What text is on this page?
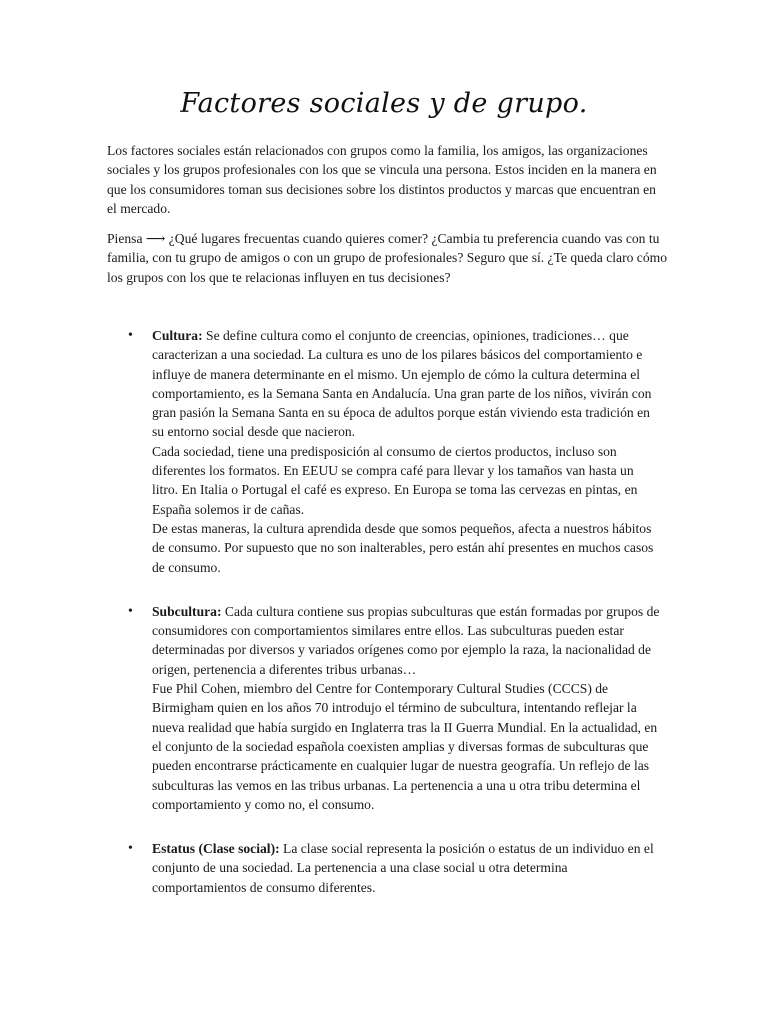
Factores sociales y de grupo.

Los factores sociales están relacionados con grupos como la familia, los amigos, las organizaciones sociales y los grupos profesionales con los que se vincula una persona. Estos inciden en la manera en que los consumidores toman sus decisiones sobre los distintos productos y marcas que encuentran en el mercado.

Piensa ⟶ ¿Qué lugares frecuentas cuando quieres comer? ¿Cambia tu preferencia cuando vas con tu familia, con tu grupo de amigos o con un grupo de profesionales? Seguro que sí. ¿Te queda claro cómo los grupos con los que te relacionas influyen en tus decisiones?

• Cultura: Se define cultura como el conjunto de creencias, opiniones, tradiciones… que caracterizan a una sociedad. La cultura es uno de los pilares básicos del comportamiento e influye de manera determinante en el mismo. Un ejemplo de cómo la cultura determina el comportamiento, es la Semana Santa en Andalucía. Una gran parte de los niños, vivirán con gran pasión la Semana Santa en su época de adultos porque están viviendo esta tradición en su entorno social desde que nacieron.
Cada sociedad, tiene una predisposición al consumo de ciertos productos, incluso son diferentes los formatos. En EEUU se compra café para llevar y los tamaños van hasta un litro. En Italia o Portugal el café es expreso. En Europa se toma las cervezas en pintas, en España solemos ir de cañas.
De estas maneras, la cultura aprendida desde que somos pequeños, afecta a nuestros hábitos de consumo. Por supuesto que no son inalterables, pero están ahí presentes en muchos casos de consumo.
• Subcultura: Cada cultura contiene sus propias subculturas que están formadas por grupos de consumidores con comportamientos similares entre ellos. Las subculturas pueden estar determinadas por diversos y variados orígenes como por ejemplo la raza, la nacionalidad de origen, pertenencia a diferentes tribus urbanas…
Fue Phil Cohen, miembro del Centre for Contemporary Cultural Studies (CCCS) de Birmigham quien en los años 70 introdujo el término de subcultura, intentando reflejar la nueva realidad que había surgido en Inglaterra tras la II Guerra Mundial. En la actualidad, en el conjunto de la sociedad española coexisten amplias y diversas formas de subculturas que pueden encontrarse prácticamente en cualquier lugar de nuestra geografía. Un reflejo de las subculturas las vemos en las tribus urbanas. La pertenencia a una u otra tribu determina el comportamiento y como no, el consumo.
• Estatus (Clase social): La clase social representa la posición o estatus de un individuo en el conjunto de una sociedad. La pertenencia a una clase social u otra determina comportamientos de consumo diferentes.
